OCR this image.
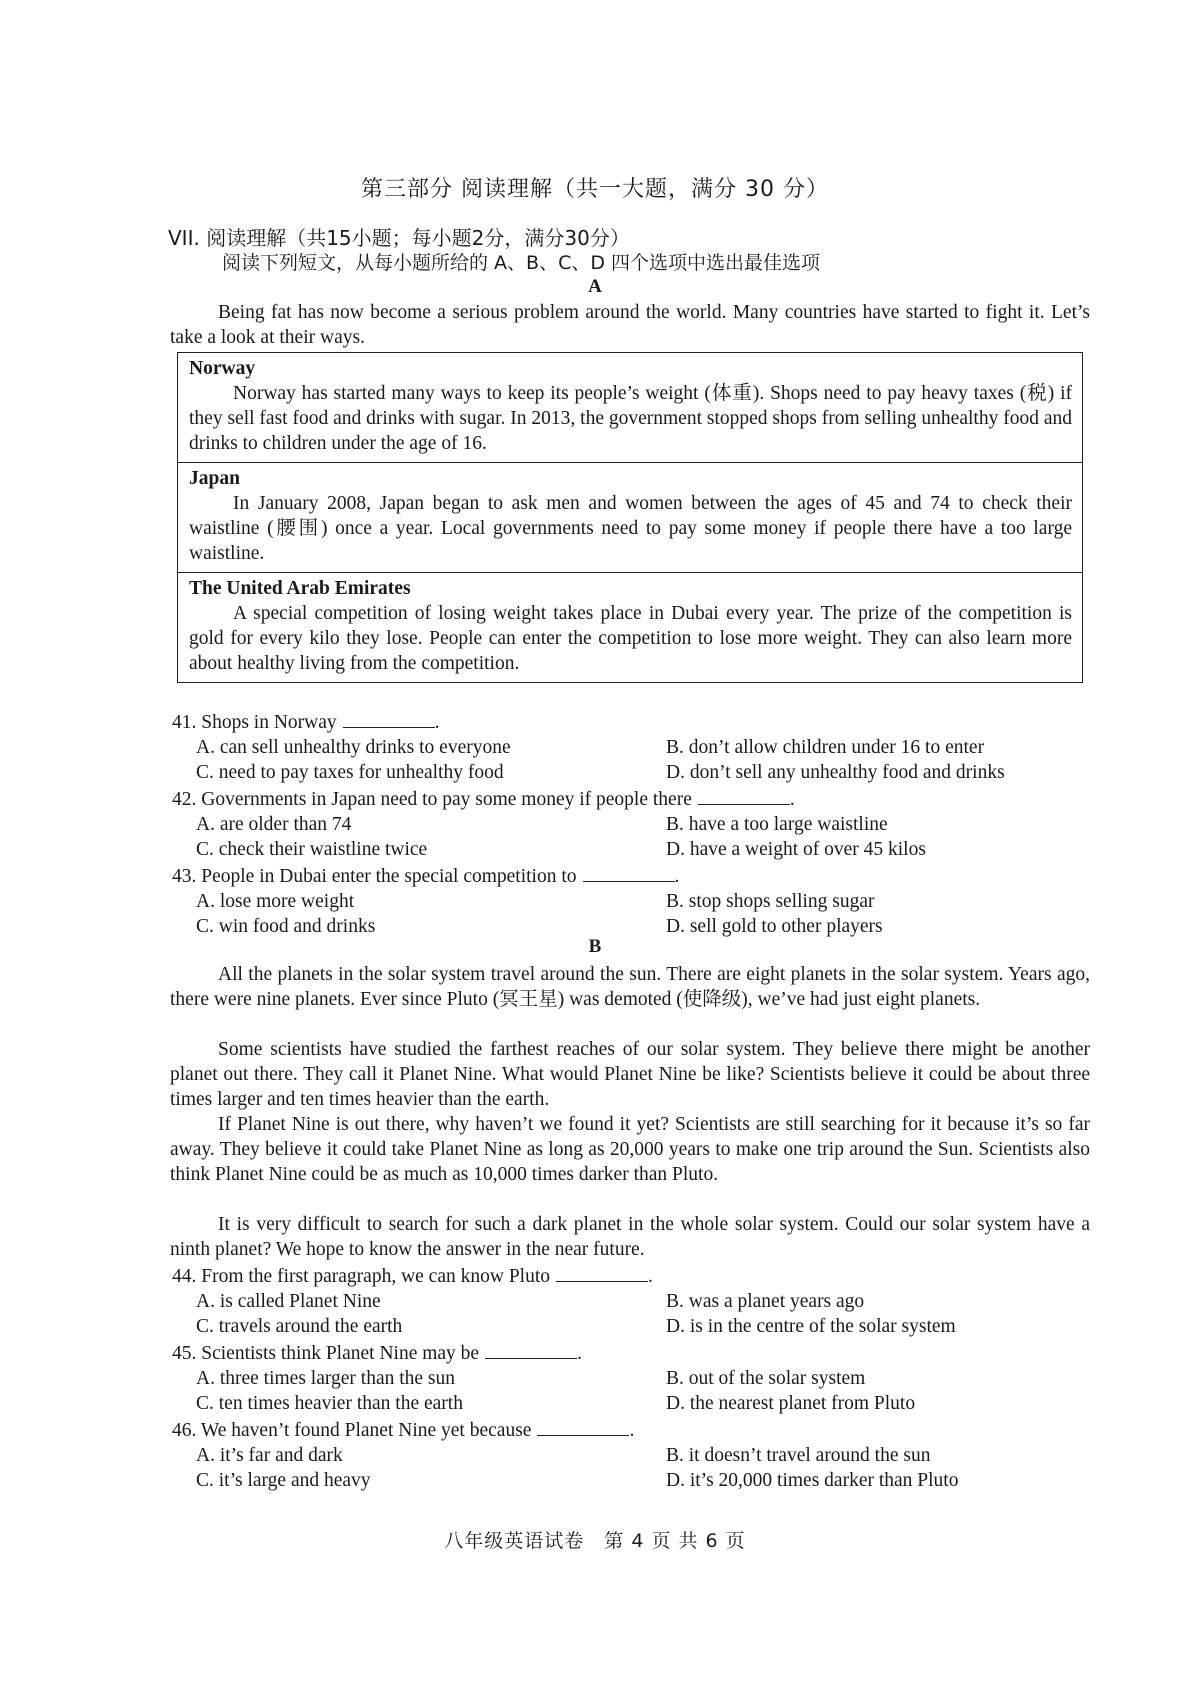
第三部分 阅读理解（共一大题，满分 30 分）
VII. 阅读理解（共15小题；每小题2分，满分30分）
阅读下列短文，从每小题所给的 A、B、C、D 四个选项中选出最佳选项
A

Being fat has now become a serious problem around the world. Many countries have started to fight it. Let’s take a look at their ways.

Norway

Norway has started many ways to keep its people’s weight (体重). Shops need to pay heavy taxes (税) if they sell fast food and drinks with sugar. In 2013, the government stopped shops from selling unhealthy food and drinks to children under the age of 16.

Japan

In January 2008, Japan began to ask men and women between the ages of 45 and 74 to check their waistline (腰围) once a year. Local governments need to pay some money if people there have a too large waistline.

The United Arab Emirates

A special competition of losing weight takes place in Dubai every year. The prize of the competition is gold for every kilo they lose. People can enter the competition to lose more weight. They can also learn more about healthy living from the competition.

41. Shops in Norway	.
A. can sell unhealthy drinks to everyone	B. don’t allow children under 16 to enter
C. need to pay taxes for unhealthy food	D. don’t sell any unhealthy food and drinks
42. Governments in Japan need to pay some money if people there	.
A. are older than 74	B. have a too large waistline
C. check their waistline twice	D. have a weight of over 45 kilos
43. People in Dubai enter the special competition to	.
A. lose more weight	B. stop shops selling sugar
C. win food and drinks	D. sell gold to other players
B

All the planets in the solar system travel around the sun. There are eight planets in the solar system. Years ago, there were nine planets. Ever since Pluto (冥王星) was demoted (使降级), we’ve had just eight planets.

Some scientists have studied the farthest reaches of our solar system. They believe there might be another planet out there. They call it Planet Nine. What would Planet Nine be like? Scientists believe it could be about three times larger and ten times heavier than the earth.

If Planet Nine is out there, why haven’t we found it yet? Scientists are still searching for it because it’s so far away. They believe it could take Planet Nine as long as 20,000 years to make one trip around the Sun. Scientists also think Planet Nine could be as much as 10,000 times darker than Pluto.

It is very difficult to search for such a dark planet in the whole solar system. Could our solar system have a ninth planet? We hope to know the answer in the near future.

44. From the first paragraph, we can know Pluto	.
A. is called Planet Nine	B. was a planet years ago
C. travels around the earth	D. is in the centre of the solar system
45. Scientists think Planet Nine may be	.
A. three times larger than the sun	B. out of the solar system
C. ten times heavier than the earth	D. the nearest planet from Pluto
46. We haven’t found Planet Nine yet because	.
A. it’s far and dark	B. it doesn’t travel around the sun
C. it’s large and heavy	D. it’s 20,000 times darker than Pluto
八年级英语试卷　第 4 页 共 6 页
